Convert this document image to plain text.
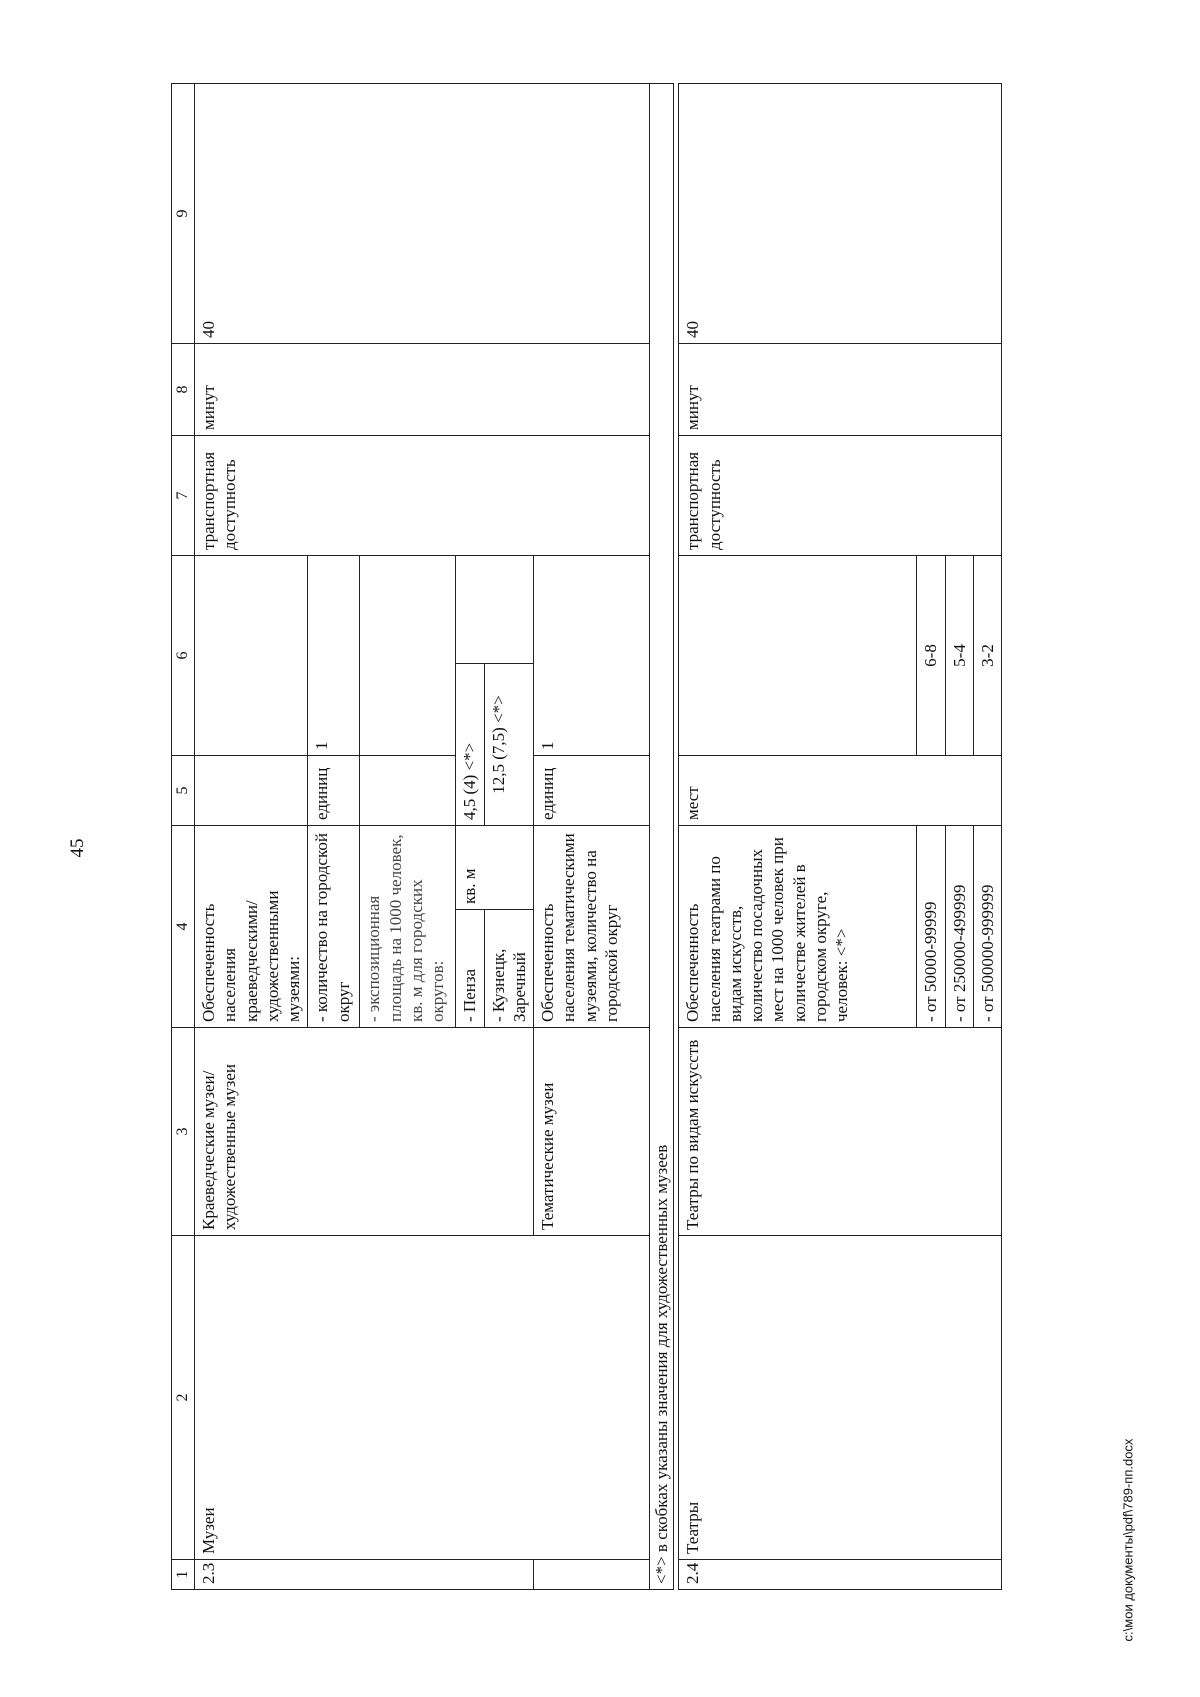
45
c:\мои документы\pdf\789-пп.docx
1	2	3	4		5	6	7	8	9
2.3	Музеи	Краеведческие музеи/ художественные музеи	Обеспеченность населения краеведческими/ художественными музеями:				транспортная доступность	минут	40

			- количество на городской округ		единиц	1			
			- экспозиционная площадь на 1000 человек, кв. м для городских округов:						
			- Пенза	кв. м	4,5 (4) <*>				
			- Кузнецк, Заречный		12,5 (7,5) <*>				
		Тематические музеи	Обеспеченность населения тематическими музеями, количество на городской округ		единиц	1			
<*> в скобках указаны значения для художественных музеев									

2.4	Театры	Театры по видам искусств	Обеспеченность населения театрами по видам искусств, количество посадочных мест на 1000 человек при количестве жителей в городском округе, человек: <*>		мест		транспортная доступность	минут	40
			- от 50000-99999			6-8			
			- от 250000-499999			5-4			
			- от 500000-999999			3-2			
